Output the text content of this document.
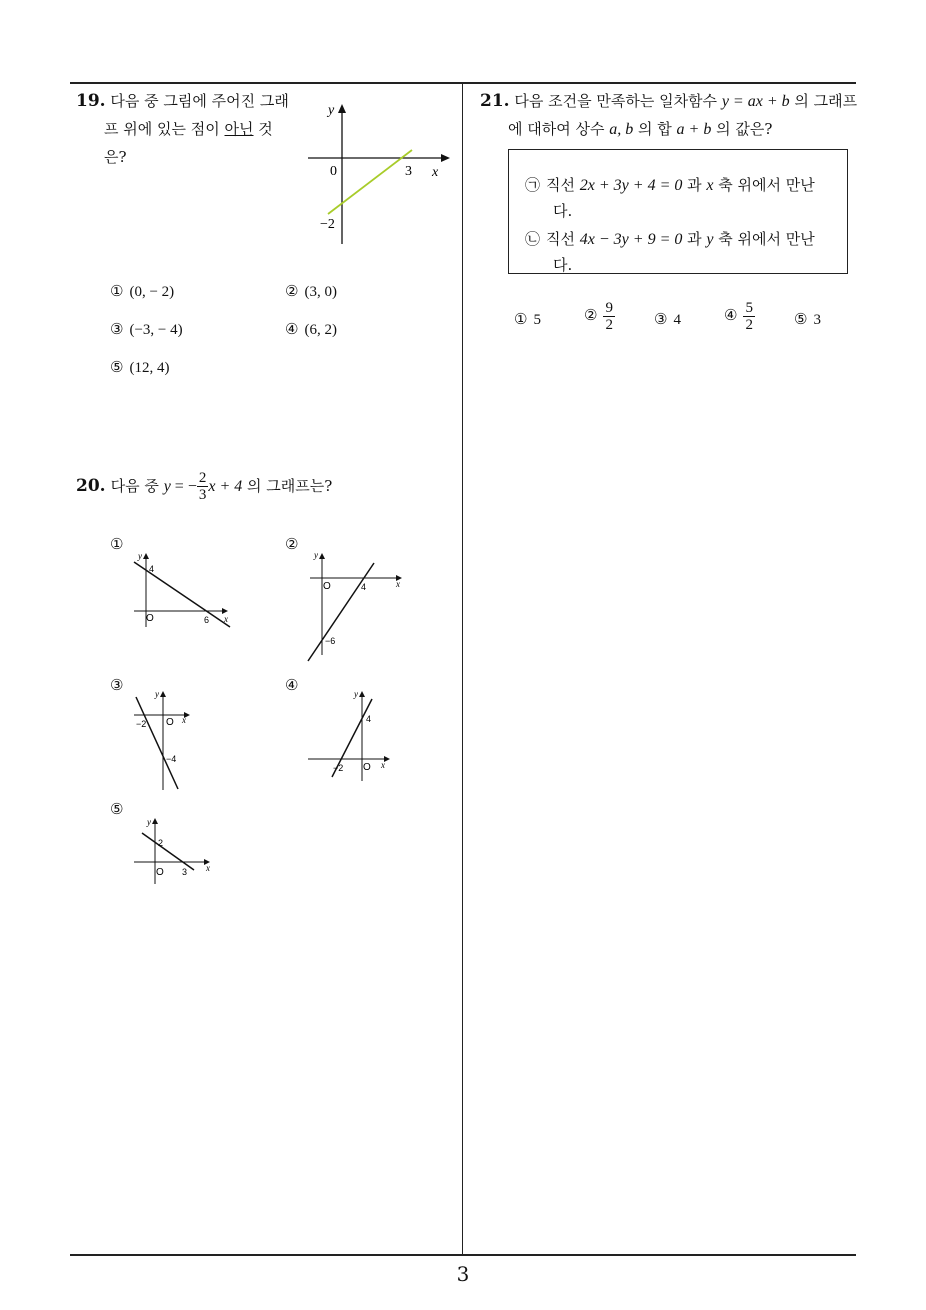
3
19. 다음 중 그림에 주어진 그래
프 위에 있는 점이 아닌 것
은?
y
x
0	3
−2
① (0, − 2)	② (3, 0)
③ (−3, − 4)	④ (6, 2)
⑤ (12, 4)
20. 다음 중 y = − $\frac{2}{3}$ x + 4 의 그래프는?
①
y
x
O
4
6
②
y
x
O	4
−6
③	y
x
O
−2
−4
④	y
x
O
4
−2
⑤
y
x
O
2
3
21. 다음 조건을 만족하는 일차함수 y = ax + b 의 그래프
에 대하여 상수 a, b 의 합 a + b 의 값은?
㉠ 직선 2x + 3y + 4 = 0 과 x 축 위에서 만난
다.
㉡ 직선 4x − 3y + 9 = 0 과 y 축 위에서 만난
다.
① 5	② $\frac{9}{2}$	③ 4	④ $\frac{5}{2}$	⑤ 3
